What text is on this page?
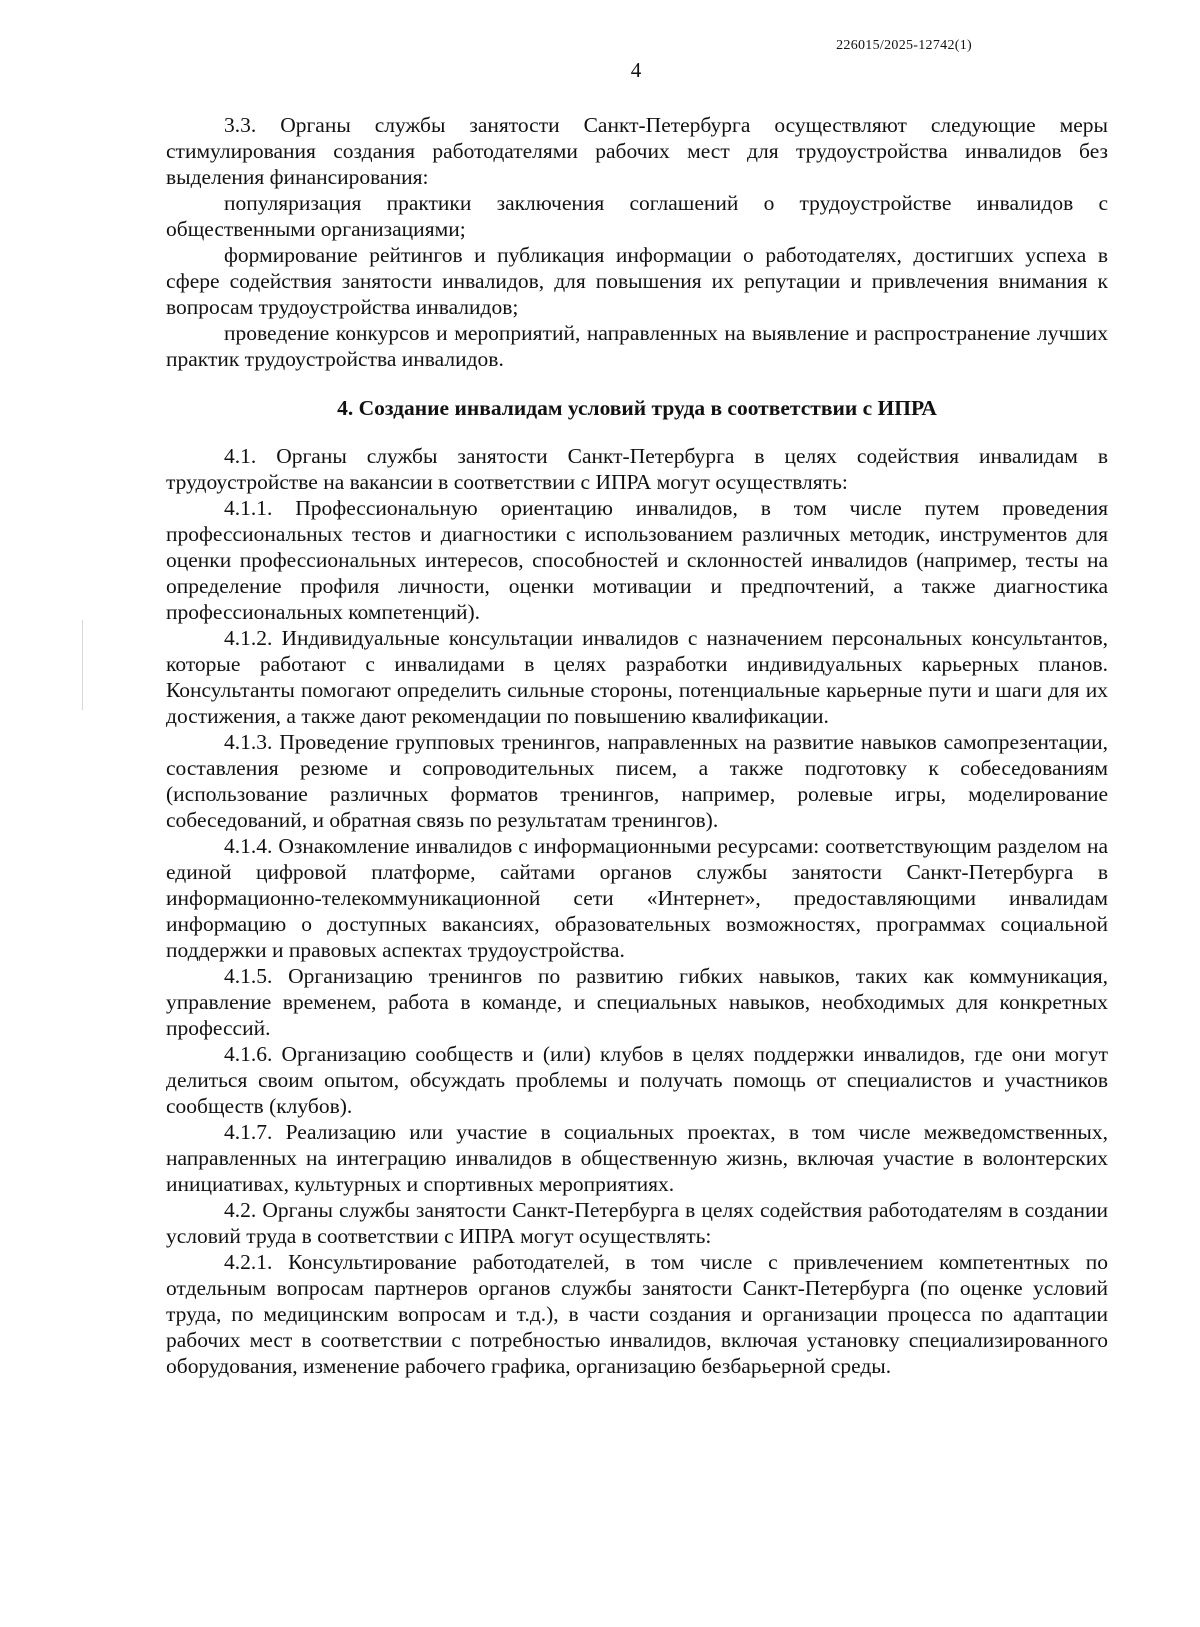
226015/2025-12742(1)
4

3.3. Органы службы занятости Санкт-Петербурга осуществляют следующие меры стимулирования создания работодателями рабочих мест для трудоустройства инвалидов без выделения финансирования:

популяризация практики заключения соглашений о трудоустройстве инвалидов с общественными организациями;

формирование рейтингов и публикация информации о работодателях, достигших успеха в сфере содействия занятости инвалидов, для повышения их репутации и привлечения внимания к вопросам трудоустройства инвалидов;

проведение конкурсов и мероприятий, направленных на выявление и распространение лучших практик трудоустройства инвалидов.

4. Создание инвалидам условий труда в соответствии с ИПРА

4.1. Органы службы занятости Санкт-Петербурга в целях содействия инвалидам в трудоустройстве на вакансии в соответствии с ИПРА могут осуществлять:

4.1.1. Профессиональную ориентацию инвалидов, в том числе путем проведения профессиональных тестов и диагностики с использованием различных методик, инструментов для оценки профессиональных интересов, способностей и склонностей инвалидов (например, тесты на определение профиля личности, оценки мотивации и предпочтений, а также диагностика профессиональных компетенций).

4.1.2. Индивидуальные консультации инвалидов с назначением персональных консультантов, которые работают с инвалидами в целях разработки индивидуальных карьерных планов. Консультанты помогают определить сильные стороны, потенциальные карьерные пути и шаги для их достижения, а также дают рекомендации по повышению квалификации.

4.1.3. Проведение групповых тренингов, направленных на развитие навыков самопрезентации, составления резюме и сопроводительных писем, а также подготовку к собеседованиям (использование различных форматов тренингов, например, ролевые игры, моделирование собеседований, и обратная связь по результатам тренингов).

4.1.4. Ознакомление инвалидов с информационными ресурсами: соответствующим разделом на единой цифровой платформе, сайтами органов службы занятости Санкт-Петербурга в информационно-телекоммуникационной сети «Интернет», предоставляющими инвалидам информацию о доступных вакансиях, образовательных возможностях, программах социальной поддержки и правовых аспектах трудоустройства.

4.1.5. Организацию тренингов по развитию гибких навыков, таких как коммуникация, управление временем, работа в команде, и специальных навыков, необходимых для конкретных профессий.

4.1.6. Организацию сообществ и (или) клубов в целях поддержки инвалидов, где они могут делиться своим опытом, обсуждать проблемы и получать помощь от специалистов и участников сообществ (клубов).

4.1.7. Реализацию или участие в социальных проектах, в том числе межведомственных, направленных на интеграцию инвалидов в общественную жизнь, включая участие в волонтерских инициативах, культурных и спортивных мероприятиях.

4.2. Органы службы занятости Санкт-Петербурга в целях содействия работодателям в создании условий труда в соответствии с ИПРА могут осуществлять:

4.2.1. Консультирование работодателей, в том числе с привлечением компетентных по отдельным вопросам партнеров органов службы занятости Санкт-Петербурга (по оценке условий труда, по медицинским вопросам и т.д.), в части создания и организации процесса по адаптации рабочих мест в соответствии с потребностью инвалидов, включая установку специализированного оборудования, изменение рабочего графика, организацию безбарьерной среды.
